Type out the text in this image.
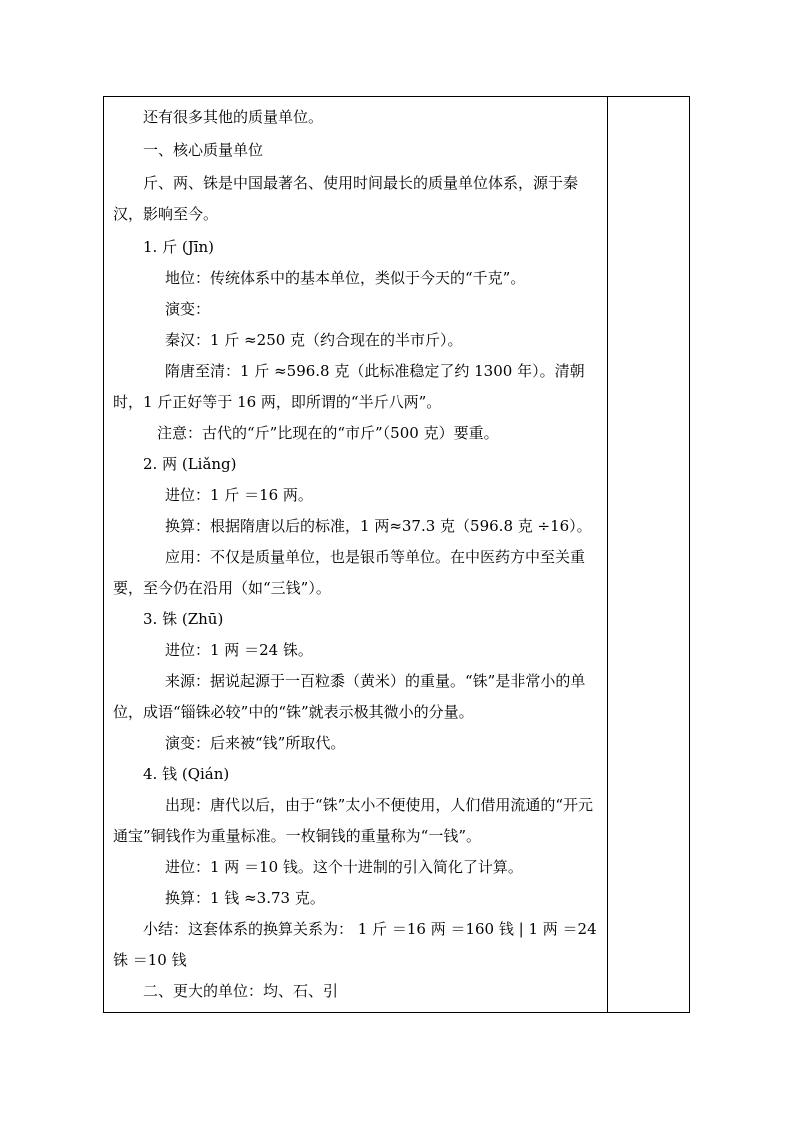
还有很多其他的质量单位。

一、核心质量单位

斤、两、铢是中国最著名、使用时间最长的质量单位体系，源于秦汉，影响至今。

1. 斤 (Jīn)

地位：传统体系中的基本单位，类似于今天的“千克”。

演变：

秦汉：1 斤 ≈250 克（约合现在的半市斤）。

隋唐至清：1 斤 ≈596.8 克（此标准稳定了约 1300 年）。清朝时，1 斤正好等于 16 两，即所谓的“半斤八两”。

注意：古代的“斤”比现在的“市斤”（500 克）要重。

2. 两 (Liǎng)

进位：1 斤 ＝16 两。

换算：根据隋唐以后的标准，1 两≈37.3 克（596.8 克 ÷16）。

应用：不仅是质量单位，也是银币等单位。在中医药方中至关重要，至今仍在沿用（如“三钱”）。

3. 铢 (Zhū)

进位：1 两 ＝24 铢。

来源：据说起源于一百粒黍（黄米）的重量。“铢”是非常小的单位，成语“锱铢必较”中的“铢”就表示极其微小的分量。

演变：后来被“钱”所取代。

4. 钱 (Qián)

出现：唐代以后，由于“铢”太小不便使用，人们借用流通的“开元通宝”铜钱作为重量标准。一枚铜钱的重量称为“一钱”。

进位：1 两 ＝10 钱。这个十进制的引入简化了计算。

换算：1 钱 ≈3.73 克。

小结：这套体系的换算关系为： 1 斤 ＝16 两 ＝160 钱 | 1 两 ＝24 铢 ＝10 钱

二、更大的单位：均、石、引
